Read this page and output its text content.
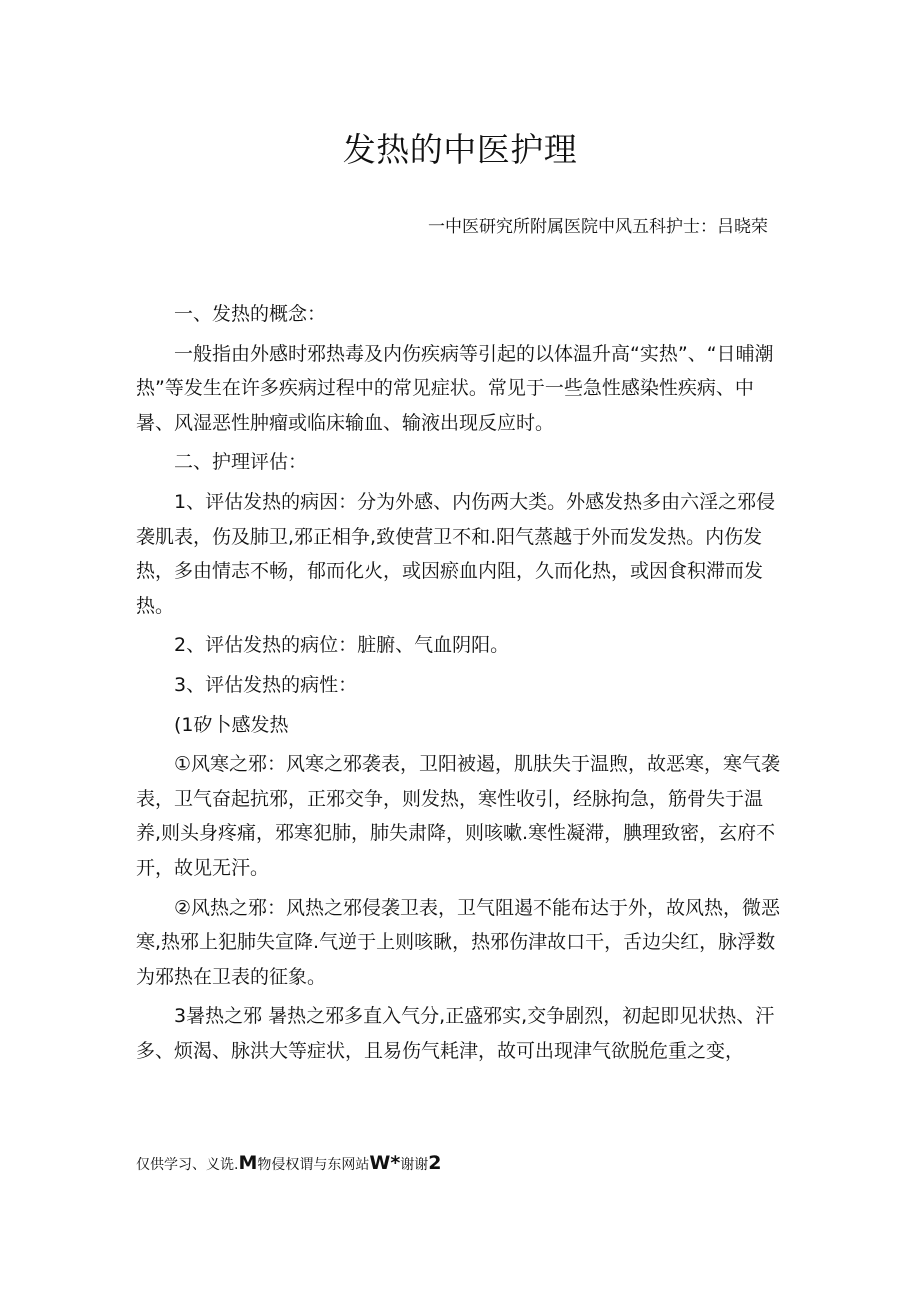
发热的中医护理
一中医研究所附属医院中风五科护士：吕晓荣

一、发热的概念：

一般指由外感时邪热毒及内伤疾病等引起的以体温升高“实热”、“日晡潮热”等发生在许多疾病过程中的常见症状。常见于一些急性感染性疾病、中暑、风湿恶性肿瘤或临床输血、输液出现反应时。

二、护理评估：

1、评估发热的病因：分为外感、内伤两大类。外感发热多由六淫之邪侵袭肌表，伤及肺卫,邪正相争,致使营卫不和.阳气蒸越于外而发发热。内伤发热，多由情志不畅，郁而化火，或因瘀血内阻，久而化热，或因食积滞而发热。

2、评估发热的病位：脏腑、气血阴阳。

3、评估发热的病性：

(1矽卜感发热

①风寒之邪：风寒之邪袭表，卫阳被遏，肌肤失于温煦，故恶寒，寒气袭表，卫气奋起抗邪，正邪交争，则发热，寒性收引，经脉拘急，筋骨失于温养,则头身疼痛，邪寒犯肺，肺失肃降，则咳嗽.寒性凝滞，腆理致密，玄府不开，故见无汗。

②风热之邪：风热之邪侵袭卫表，卫气阻遏不能布达于外，故风热，微恶寒,热邪上犯肺失宣降.气逆于上则咳瞅，热邪伤津故口干，舌边尖红，脉浮数为邪热在卫表的征象。

3暑热之邪 暑热之邪多直入气分,正盛邪实,交争剧烈，初起即见状热、汗多、烦渴、脉洪大等症状，且易伤气耗津，故可出现津气欲脱危重之变，

仅供学习、义诜.M物侵权谓与东网站W*谢谢2
